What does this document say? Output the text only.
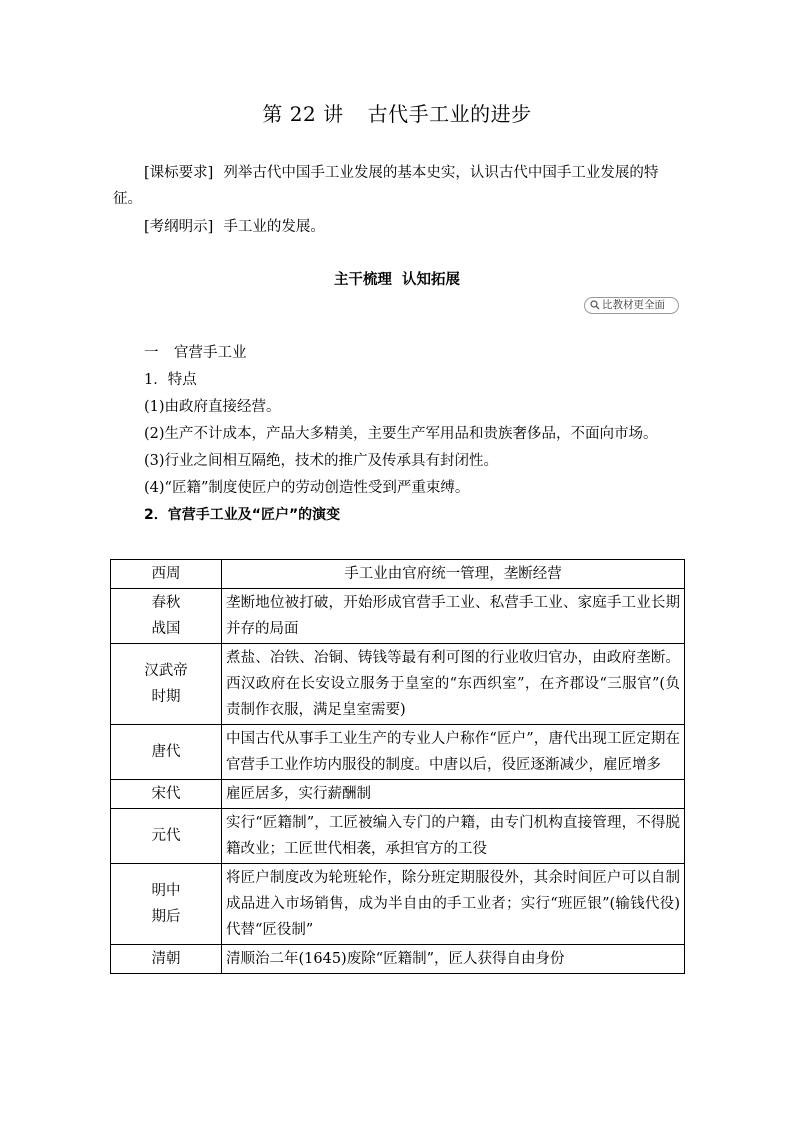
第 22 讲 古代手工业的进步
[课标要求] 列举古代中国手工业发展的基本史实，认识古代中国手工业发展的特征。
[考纲明示] 手工业的发展。
主干梳理  认知拓展
比教材更全面

一 官营手工业

1．特点

(1)由政府直接经营。

(2)生产不计成本，产品大多精美，主要生产军用品和贵族奢侈品，不面向市场。

(3)行业之间相互隔绝，技术的推广及传承具有封闭性。

(4)“匠籍”制度使匠户的劳动创造性受到严重束缚。

2．官营手工业及“匠户”的演变

西周	手工业由官府统一管理，垄断经营

春秋
战国	垄断地位被打破，开始形成官营手工业、私营手工业、家庭手工业长期并存的局面

汉武帝
时期	煮盐、冶铁、冶铜、铸钱等最有利可图的行业收归官办，由政府垄断。西汉政府在长安设立服务于皇室的“东西织室”，在齐郡设“三服官”(负责制作衣服，满足皇室需要)

唐代	中国古代从事手工业生产的专业人户称作“匠户”，唐代出现工匠定期在官营手工业作坊内服役的制度。中唐以后，役匠逐渐减少，雇匠增多

宋代	雇匠居多，实行薪酬制

元代	实行“匠籍制”，工匠被编入专门的户籍，由专门机构直接管理，不得脱籍改业；工匠世代相袭，承担官方的工役

明中
期后	将匠户制度改为轮班轮作，除分班定期服役外，其余时间匠户可以自制成品进入市场销售，成为半自由的手工业者；实行“班匠银”(输钱代役)代替“匠役制”

清朝	清顺治二年(1645)废除“匠籍制”，匠人获得自由身份
